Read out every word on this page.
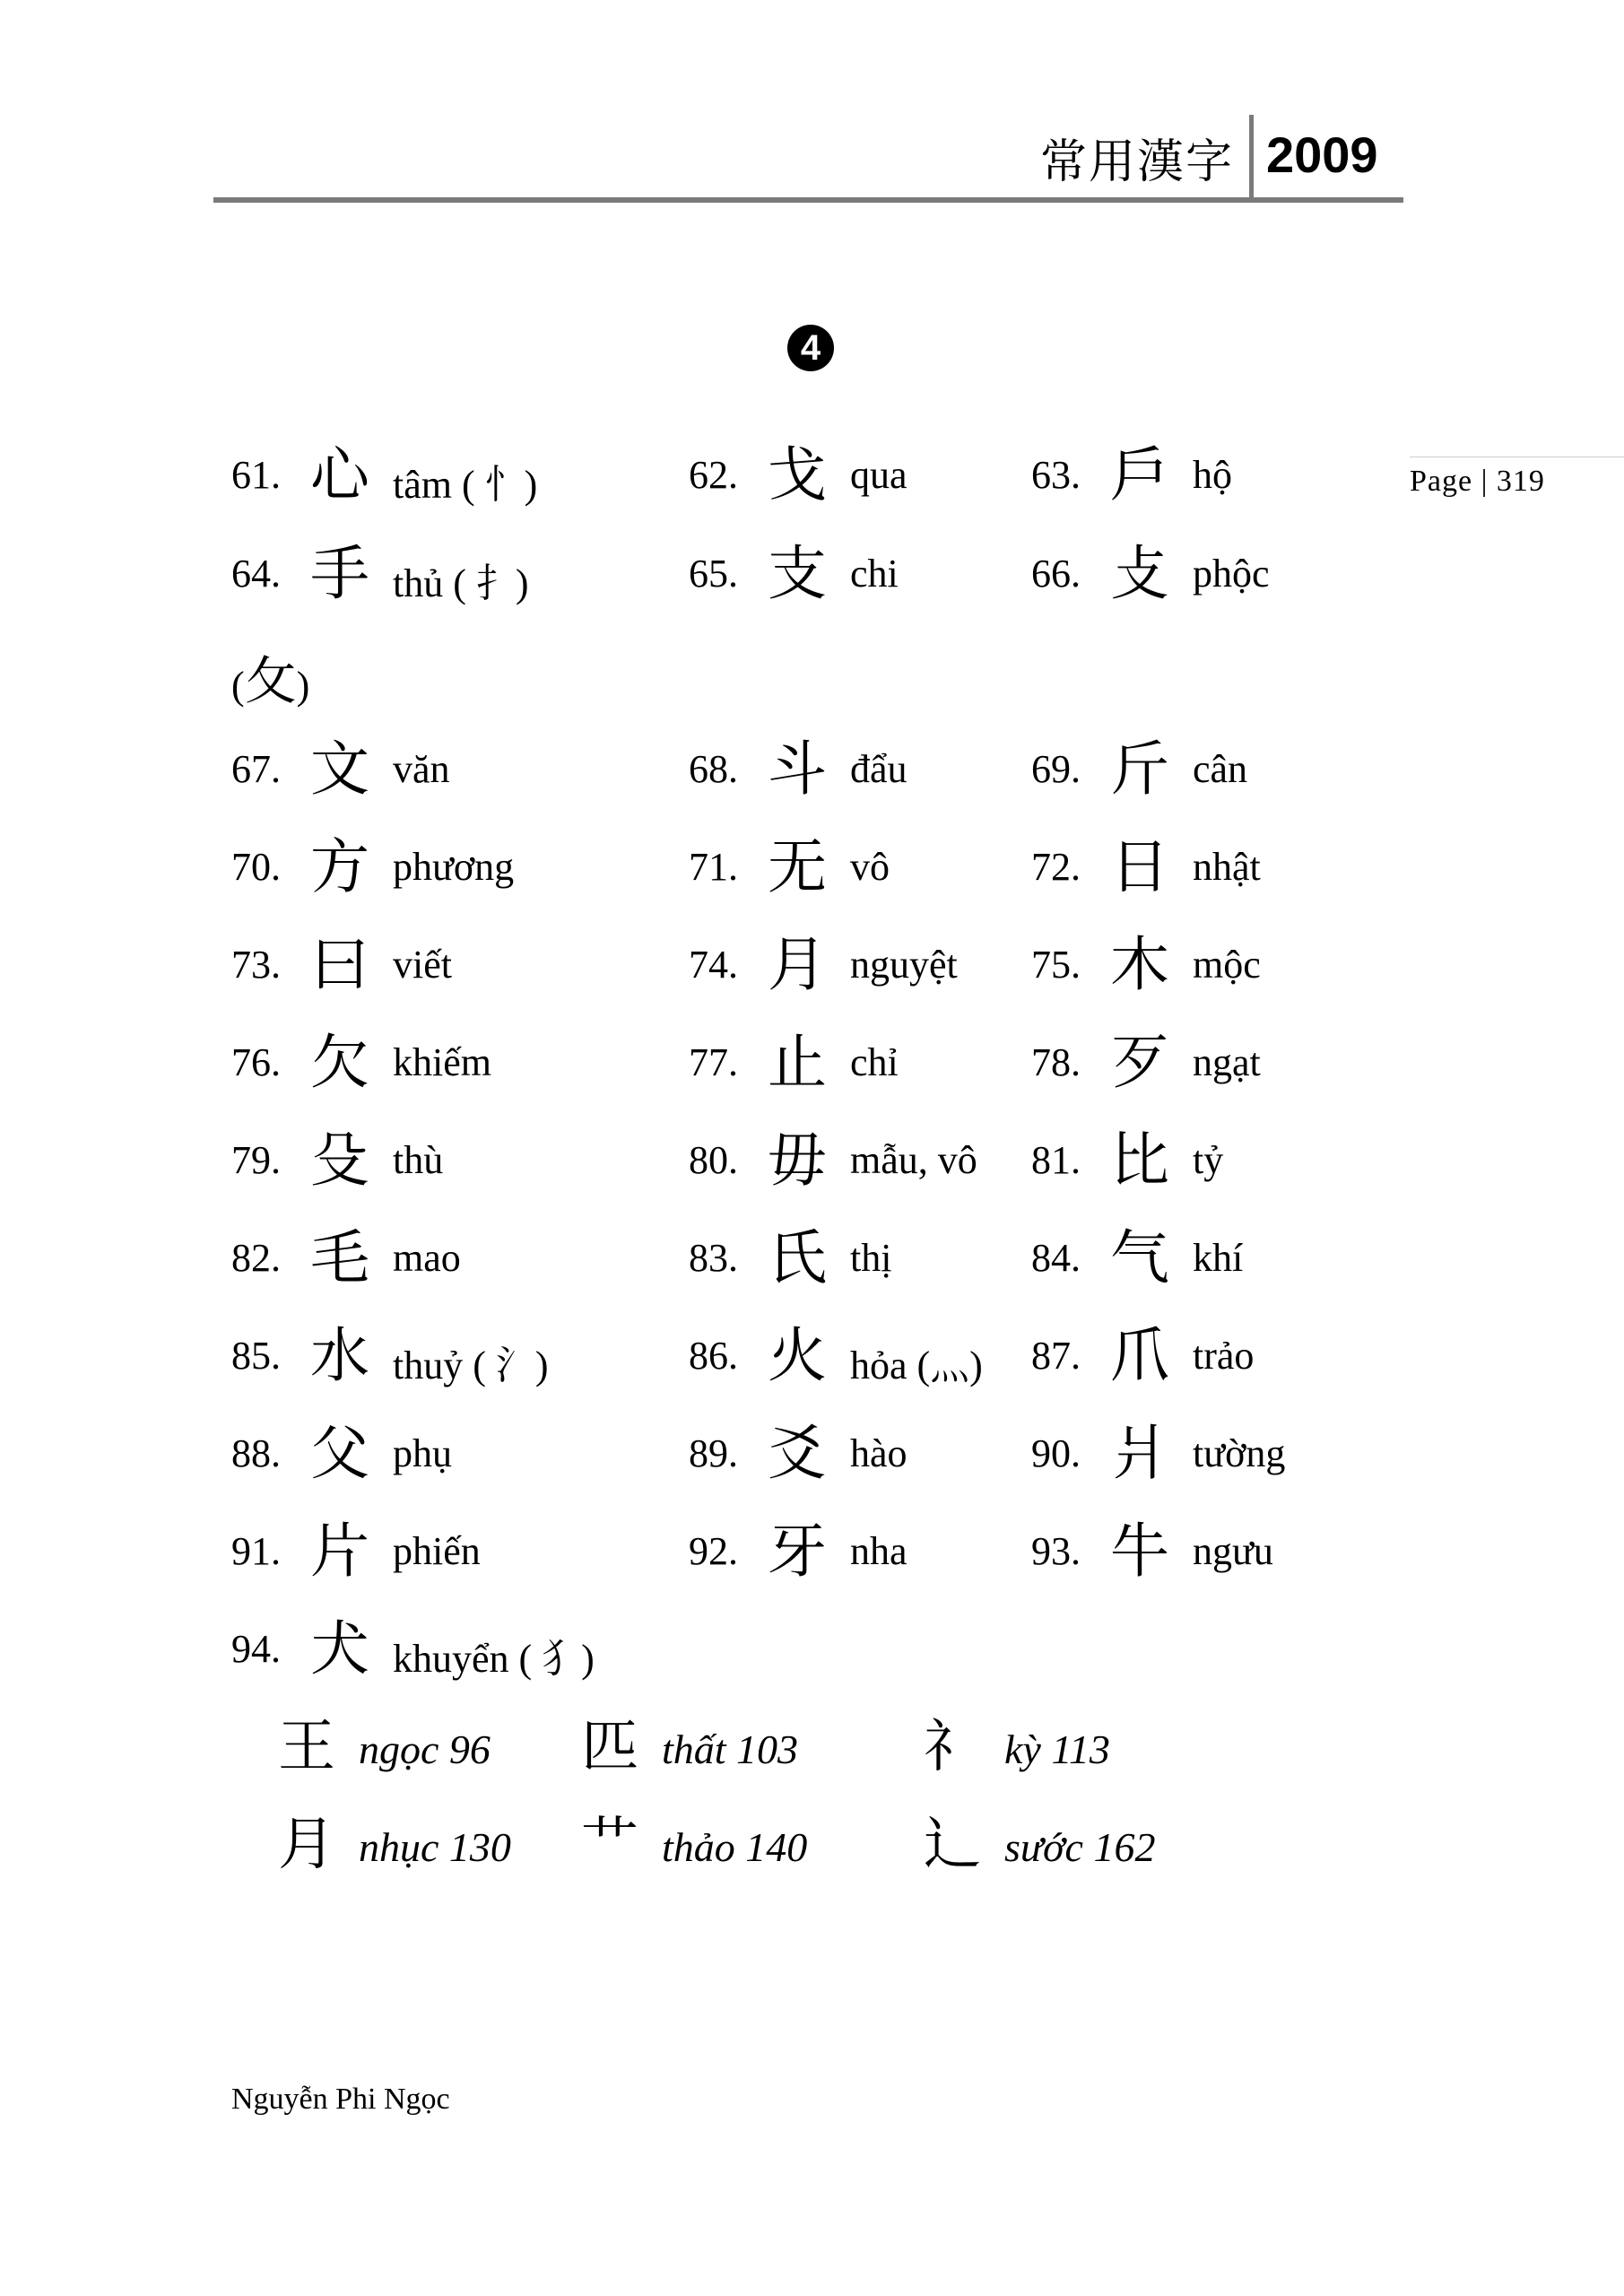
常用漢字 2009
Page | 319
4
61. 心 tâm ( 忄)	62. 戈 qua	63. 戶 hộ
64. 手 thủ ( 扌)	65. 支 chi	66. 攴 phộc
(攵)
67. 文 văn	68. 斗 đẩu	69. 斤 cân
70. 方 phương	71. 无 vô	72. 日 nhật
73. 曰 viết	74. 月 nguyệt 75. 木 mộc
76. 欠 khiếm	77. 止 chỉ	78. 歹 ngạt
79. 殳 thù	80. 毋 mẫu, vô 81. 比 tỷ
82. 毛 mao	83. 氏 thị	84. 气 khí
85. 水 thuỷ ( 氵)	86. 火 hỏa (灬) 87. 爪 trảo
88. 父 phụ	89. 爻 hào	90. 爿 tường
91. 片 phiến	92. 牙 nha	93. 牛 ngưu
94. 犬 khuyển ( 犭)
王 ngọc 96 匹 thất 103 礻 kỳ 113
月 nhục 130 艹 thảo 140 辶 sước 162
Nguyễn Phi Ngọc
